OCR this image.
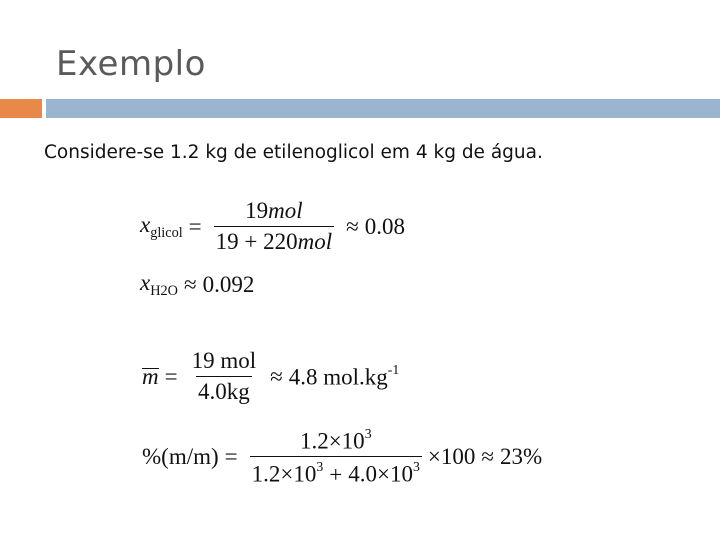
Exemplo
Considere-se 1.2 kg de etilenoglicol em 4 kg de água.
$x_{glicol} = \frac{\text{19mol}}{\text{19 + 220mol}} \approx 0.08$
$x_{H2O} \approx 0.092$
$m = \frac{\text{19 mol}}{4.0kg} \approx 4.8$ $mol.kg^{-1}$
$\%(m/m) = \frac{1.2\times 10^3}{1.2\times 10^3 + 4.0\times 10^3} \times 100 \approx 23\%$
